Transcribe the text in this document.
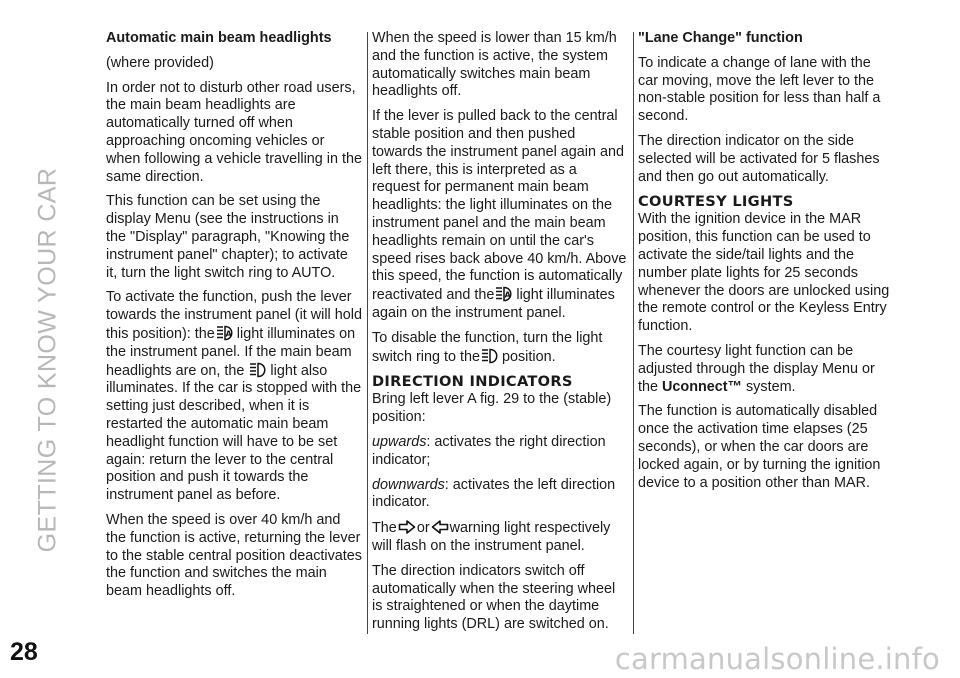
GETTING TO KNOW YOUR CAR
28

Automatic main beam headlights

(where provided)

In order not to disturb other road users, the main beam headlights are automatically turned off when approaching oncoming vehicles or when following a vehicle travelling in the same direction.

This function can be set using the display Menu (see the instructions in the "Display" paragraph, "Knowing the instrument panel" chapter); to activate it, turn the light switch ring to AUTO.

To activate the function, push the lever towards the instrument panel (it will hold this position): the A light illuminates on the instrument panel. If the main beam headlights are on, the light also illuminates. If the car is stopped with the setting just described, when it is restarted the automatic main beam headlight function will have to be set again: return the lever to the central position and push it towards the instrument panel as before.

When the speed is over 40 km/h and the function is active, returning the lever to the stable central position deactivates the function and switches the main beam headlights off.

When the speed is lower than 15 km/h and the function is active, the system automatically switches main beam headlights off.

If the lever is pulled back to the central stable position and then pushed towards the instrument panel again and left there, this is interpreted as a request for permanent main beam headlights: the light illuminates on the instrument panel and the main beam headlights remain on until the car's speed rises back above 40 km/h. Above this speed, the function is automatically reactivated and the A light illuminates again on the instrument panel.

To disable the function, turn the light switch ring to the position.

DIRECTION INDICATORS

Bring left lever A fig. 29 to the (stable) position:

upwards: activates the right direction indicator;

downwards: activates the left direction indicator.

The or warning light respectively will flash on the instrument panel.

The direction indicators switch off automatically when the steering wheel is straightened or when the daytime running lights (DRL) are switched on.

"Lane Change" function

To indicate a change of lane with the car moving, move the left lever to the non-stable position for less than half a second.

The direction indicator on the side selected will be activated for 5 flashes and then go out automatically.

COURTESY LIGHTS

With the ignition device in the MAR position, this function can be used to activate the side/tail lights and the number plate lights for 25 seconds whenever the doors are unlocked using the remote control or the Keyless Entry function.

The courtesy light function can be adjusted through the display Menu or the Uconnect™ system.

The function is automatically disabled once the activation time elapses (25 seconds), or when the car doors are locked again, or by turning the ignition device to a position other than MAR.

carmanualsonline.info
